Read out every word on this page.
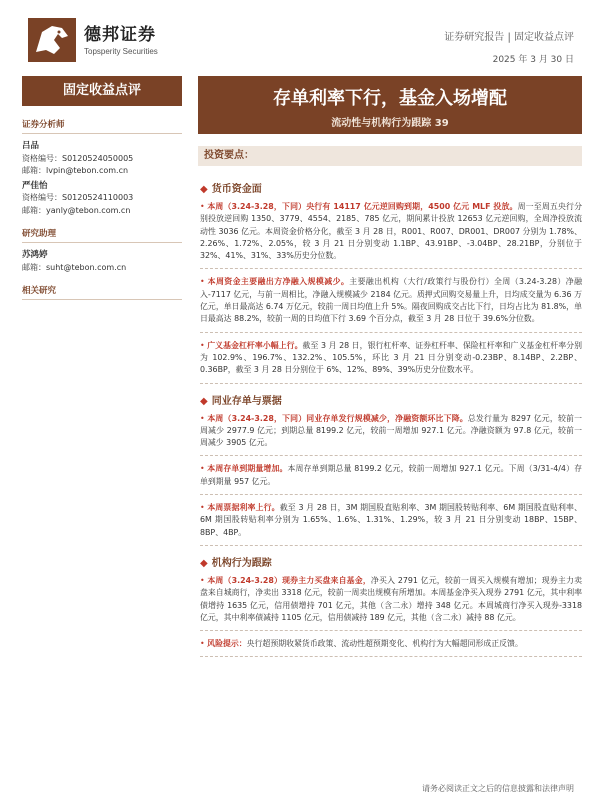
德邦证券
Topsperity Securities
证券研究报告 | 固定收益点评
2025 年 3 月 30 日
固定收益点评	存单利率下行，基金入场增配
流动性与机构行为跟踪 39
证券分析师
吕品
资格编号：S0120524050005
邮箱：lvpin@tebon.com.cn
严佳怡
资格编号：S0120524110003
邮箱：yanly@tebon.com.cn
研究助理
苏鸿婷
邮箱：suht@tebon.com.cn
相关研究
投资要点：
◆ 货币资金面
• 本周（3.24-3.28，下同）央行有 14117 亿元逆回购到期，4500 亿元 MLF 投放。周一至周五央行分别投放逆回购 1350、3779、4554、2185、785 亿元，期间累计投放 12653 亿元逆回购，全周净投放流动性 3036 亿元。本周资金价格分化，截至 3 月 28 日，R001、R007、DR001、DR007 分别为 1.78%、2.26%、1.72%、2.05%，较 3 月 21 日分别变动 1.1BP、43.91BP、-3.04BP、28.21BP，分别位于 32%、41%、31%、33%历史分位数。
• 本周资金主要融出方净融入规模减少。主要融出机构（大行/政策行与股份行）全周（3.24-3.28）净融入-7117 亿元，与前一周相比，净融入规模减少 2184 亿元。质押式回购交易量上升，日均成交量为 6.36 万亿元，单日最高达 6.74 万亿元，较前一周日均值上升 5%。隔夜回购成交占比下行，日均占比为 81.8%，单日最高达 88.2%，较前一周的日均值下行 3.69 个百分点，截至 3 月 28 日位于 39.6%分位数。
• 广义基金杠杆率小幅上行。截至 3 月 28 日，银行杠杆率、证券杠杆率、保险杠杆率和广义基金杠杆率分别为 102.9%、196.7%、132.2%、105.5%，环比 3 月 21 日分别变动-0.23BP、8.14BP、2.2BP、0.36BP，截至 3 月 28 日分别位于 6%、12%、89%、39%历史分位数水平。
◆ 同业存单与票据
• 本周（3.24-3.28，下同）同业存单发行规模减少，净融资额环比下降。总发行量为 8297 亿元，较前一周减少 2977.9 亿元；到期总量 8199.2 亿元，较前一周增加 927.1 亿元。净融资额为 97.8 亿元，较前一周减少 3905 亿元。
• 本周存单到期量增加。本周存单到期总量 8199.2 亿元，较前一周增加 927.1 亿元。下周（3/31-4/4）存单到期量 957 亿元。
• 本周票据利率上行。截至 3 月 28 日，3M 期国股直贴利率、3M 期国股转贴利率、6M 期国股直贴利率、6M 期国股转贴利率分别为 1.65%、1.6%、1.31%、1.29%，较 3 月 21 日分别变动 18BP、15BP、8BP、4BP。
◆ 机构行为跟踪
• 本周（3.24-3.28）现券主力买盘来自基金，净买入 2791 亿元，较前一周买入规模有增加；现券主力卖盘来自城商行，净卖出 3318 亿元，较前一周卖出规模有所增加。本周基金净买入现券 2791 亿元，其中利率债增持 1635 亿元，信用债增持 701 亿元，其他（含二永）增持 348 亿元。本周城商行净买入现券-3318 亿元，其中利率债减持 1105 亿元，信用债减持 189 亿元，其他（含二永）减持 88 亿元。
• 风险提示：央行超预期收紧货币政策、流动性超预期变化、机构行为大幅超同形成正反馈。
请务必阅读正文之后的信息披露和法律声明
